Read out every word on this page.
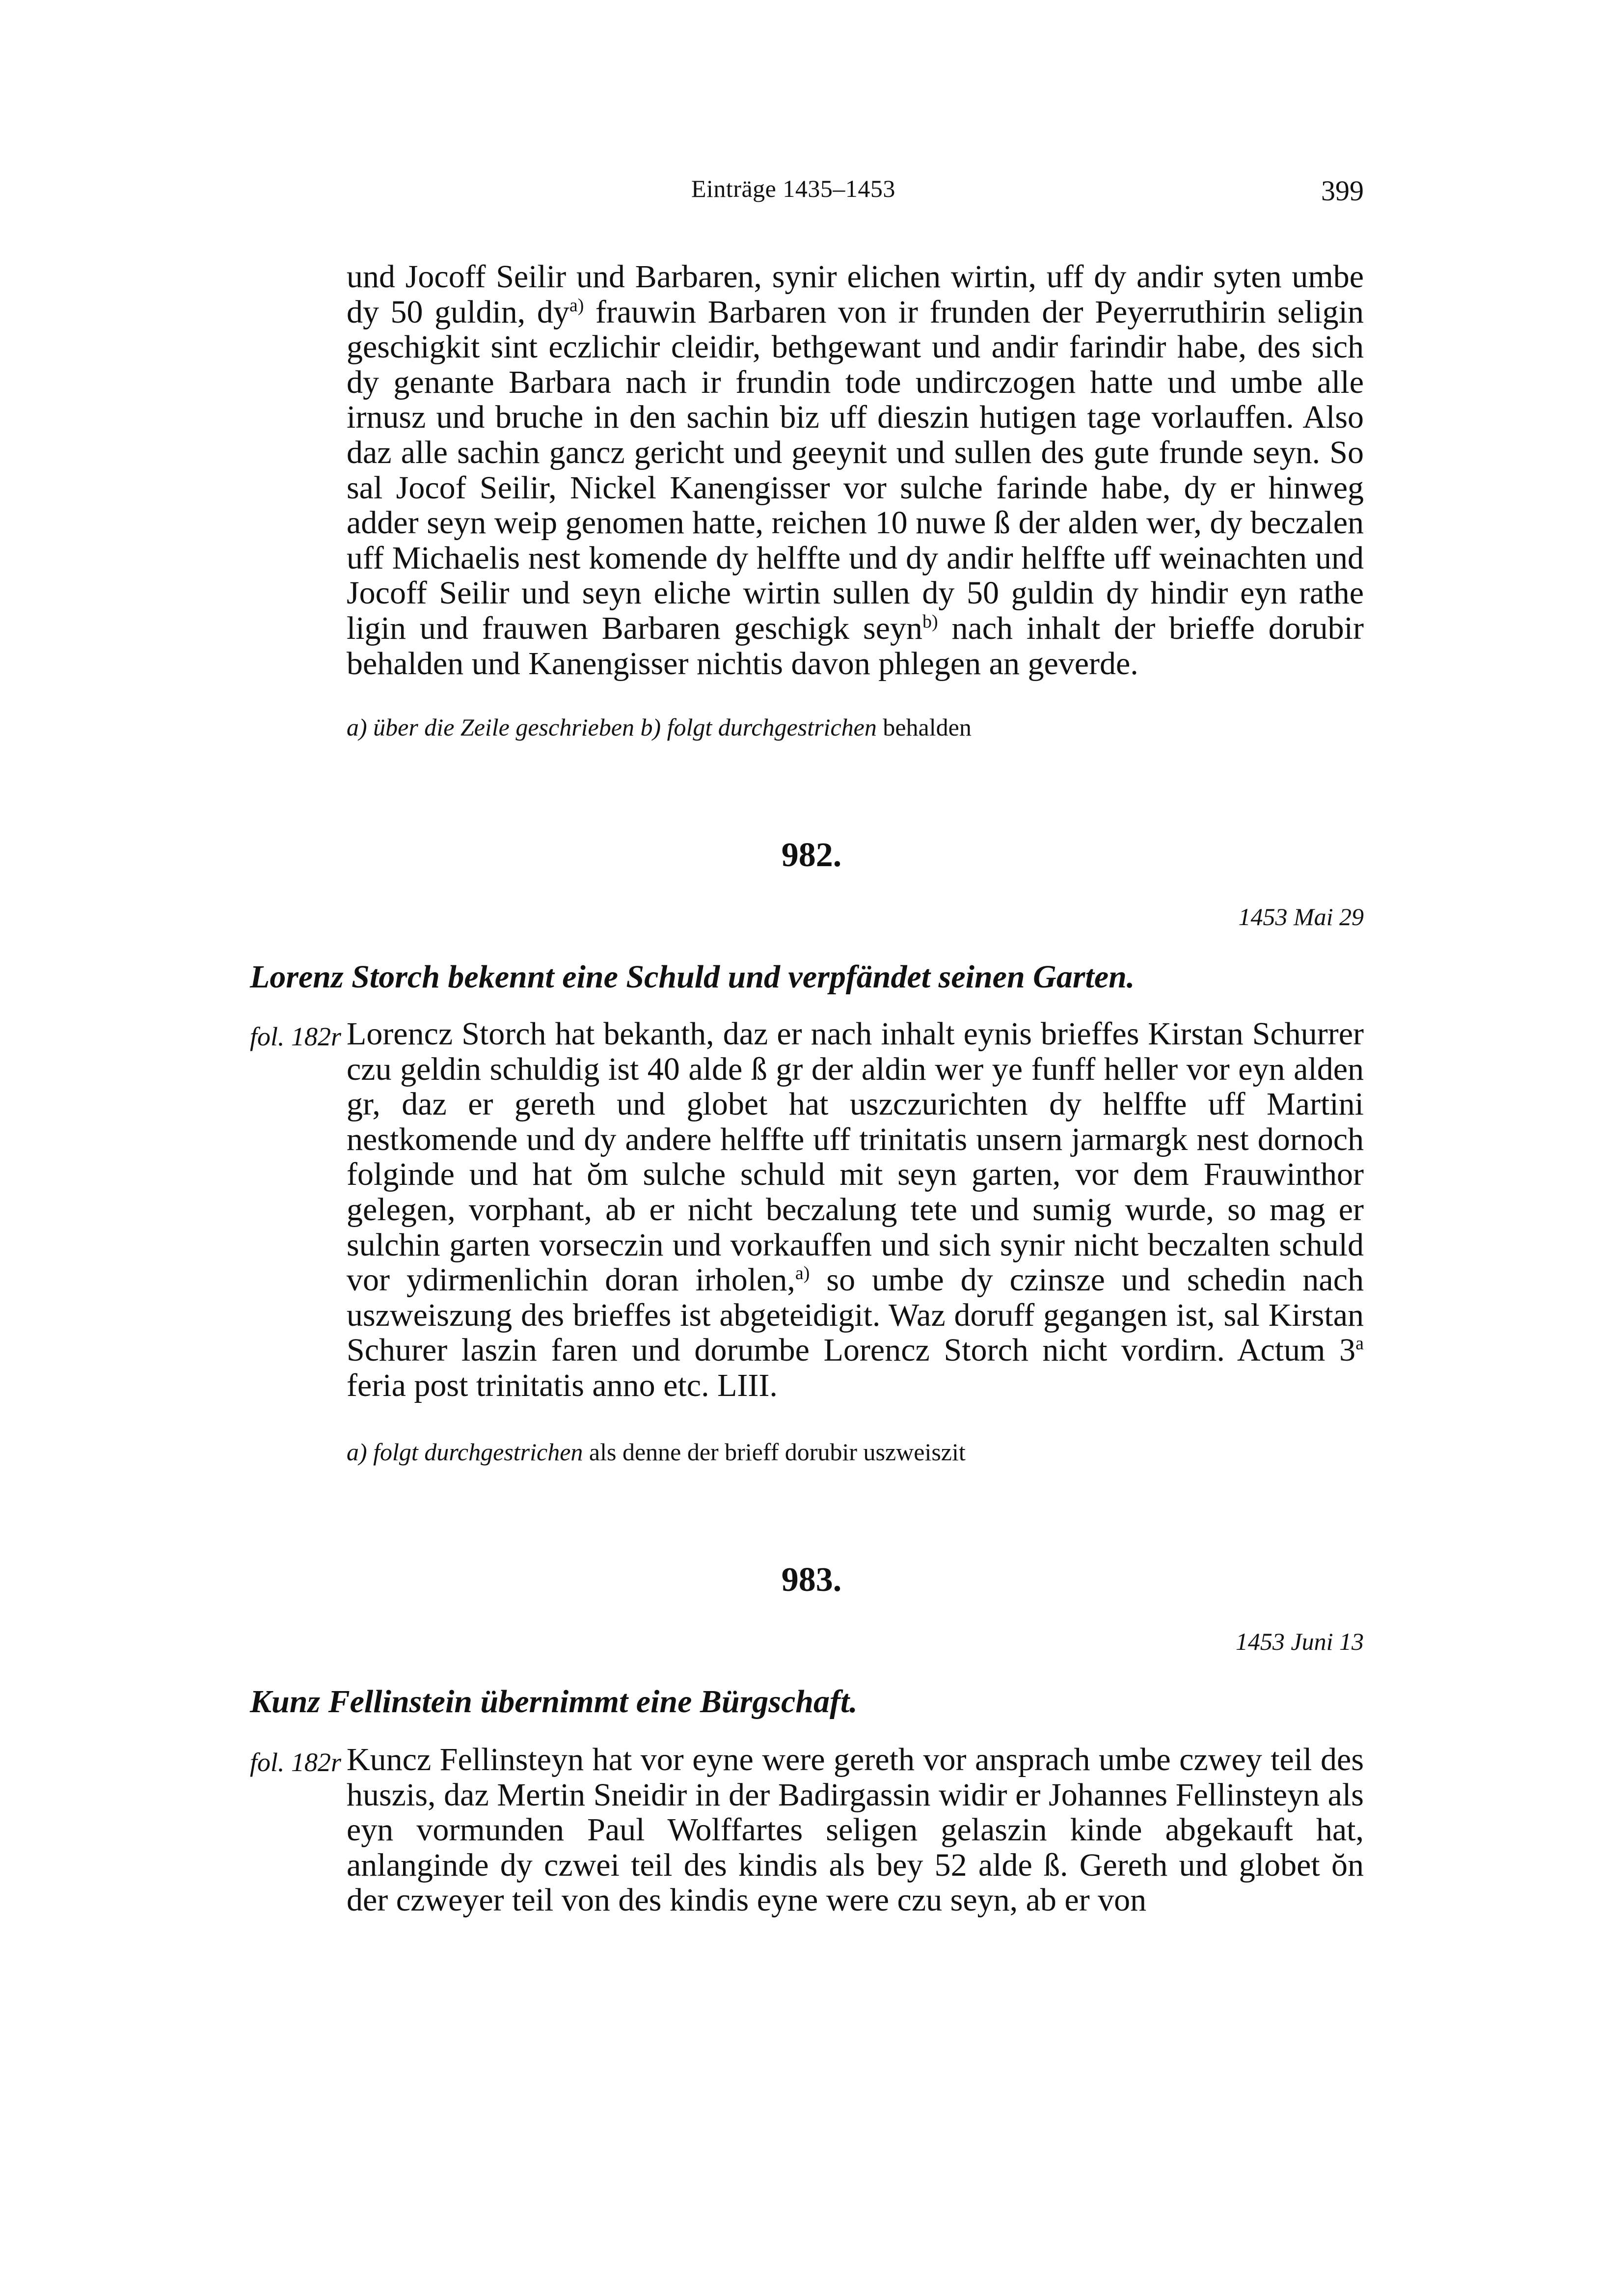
Einträge 1435–1453	399

und Jocoff Seilir und Barbaren, synir elichen wirtin, uff dy andir syten umbe dy 50 guldin, $dy^{a)}$ frauwin Barbaren von ir frunden der Peyerruthirin seligin geschigkit sint eczlichir cleidir, bethgewant und andir farindir habe, des sich dy genante Barbara nach ir frundin tode undirczogen hatte und umbe alle irnusz und bruche in den sachin biz uff dieszin hutigen tage vorlauffen. Also daz alle sachin gancz gericht und geeynit und sullen des gute frunde seyn. So sal Jocof Seilir, Nickel Kanengisser vor sulche farinde habe, dy er hinweg adder seyn weip genomen hatte, reichen 10 nuwe ß der alden wer, dy beczalen uff Michaelis nest komende dy helffte und dy andir helffte uff weinachten und Jocoff Seilir und seyn eliche wirtin sullen dy 50 guldin dy hindir eyn rathe ligin und frauwen Barbaren geschigk seyn$^{b)}$ nach inhalt der brieffe dorubir behalden und Kanengisser nichtis davon phlegen an geverde.

a) über die Zeile geschrieben b) folgt durchgestrichen behalden
982.
1453 Mai 29
Lorenz Storch bekennt eine Schuld und verpfändet seinen Garten.
fol. 182r Lorencz Storch hat bekanth, daz er nach inhalt eynis brieffes Kirstan Schurrer czu geldin schuldig ist 40 alde ß gr der aldin wer ye funff heller vor eyn alden gr, daz er gereth und globet hat uszczurichten dy helffte uff Martini nestkomende und dy andere helffte uff trinitatis unsern jarmargk nest dornoch folginde und hat ŏm sulche schuld mit seyn garten, vor dem Frauwinthor gelegen, vorphant, ab er nicht beczalung tete und sumig wurde, so mag er sulchin garten vorseczin und vorkauffen und sich synir nicht beczalten schuld vor ydirmenlichin doran irholen,$^{a)}$ so umbe dy czinsze und schedin nach uszweiszung des brieffes ist abgeteidigit. Waz doruff gegangen ist, sal Kirstan Schurer laszin faren und dorumbe Lorencz Storch nicht vordirn. Actum 3$^a$ feria post trinitatis anno etc. LIII.

a) folgt durchgestrichen als denne der brieff dorubir uszweiszit
983.
1453 Juni 13
Kunz Fellinstein übernimmt eine Bürgschaft.
fol. 182r Kuncz Fellinsteyn hat vor eyne were gereth vor ansprach umbe czwey teil des huszis, daz Mertin Sneidir in der Badirgassin widir er Johannes Fellinsteyn als eyn vormunden Paul Wolffartes seligen gelaszin kinde abgekauft hat, anlanginde dy czwei teil des kindis als bey 52 alde ß. Gereth und globet ŏn der czweyer teil von des kindis eyne were czu seyn, ab er von
